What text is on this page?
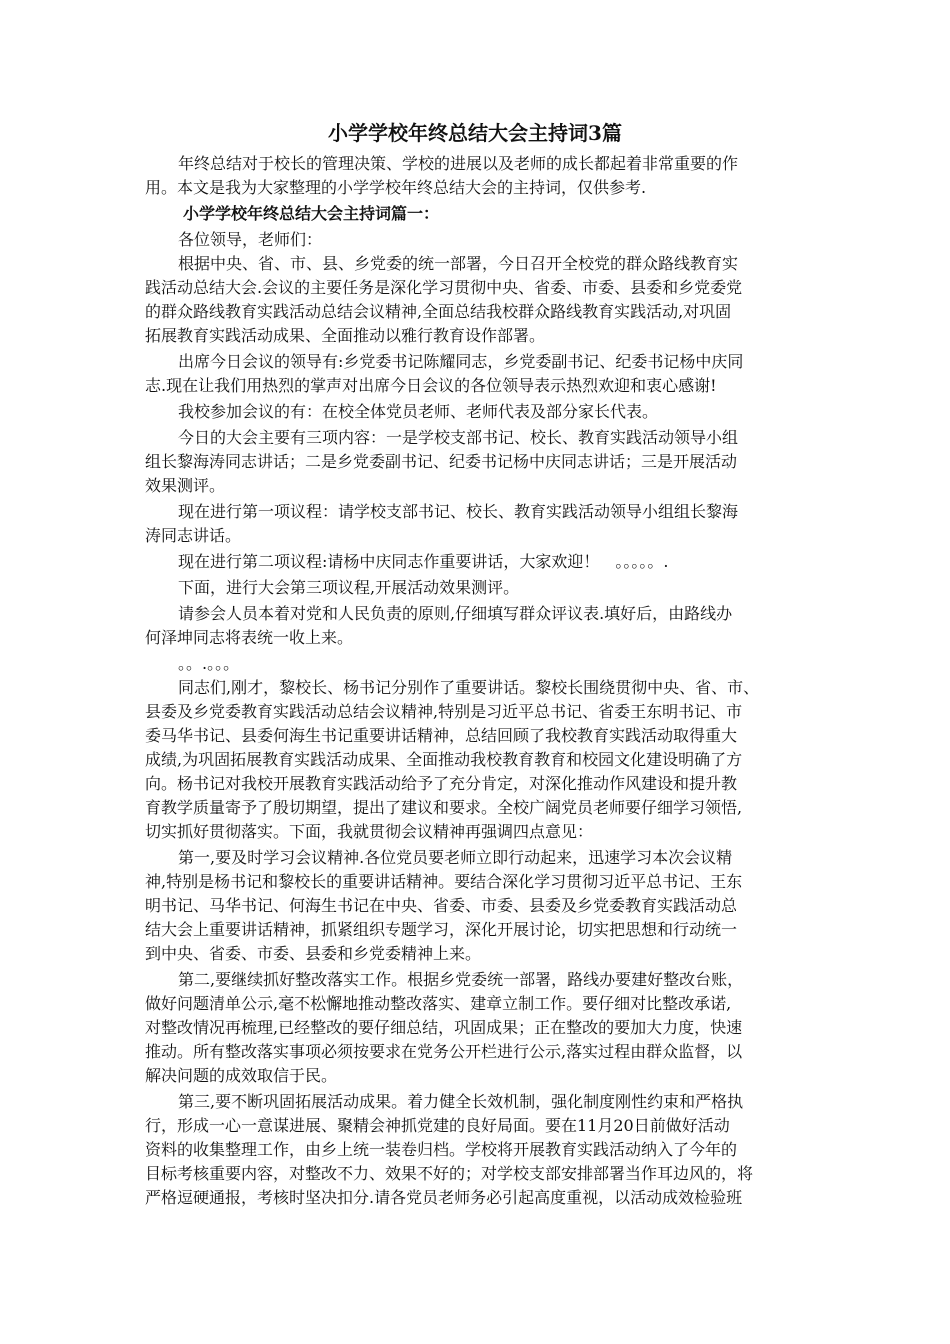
小学学校年终总结大会主持词3篇

年终总结对于校长的管理决策、学校的进展以及老师的成长都起着非常重要的作

用。本文是我为大家整理的小学学校年终总结大会的主持词，仅供参考.

小学学校年终总结大会主持词篇一：

各位领导，老师们：

根据中央、省、市、县、乡党委的统一部署，今日召开全校党的群众路线教育实

践活动总结大会.会议的主要任务是深化学习贯彻中央、省委、市委、县委和乡党委党

的群众路线教育实践活动总结会议精神,全面总结我校群众路线教育实践活动,对巩固

拓展教育实践活动成果、全面推动以雅行教育设作部署。

出席今日会议的领导有:乡党委书记陈耀同志，乡党委副书记、纪委书记杨中庆同

志.现在让我们用热烈的掌声对出席今日会议的各位领导表示热烈欢迎和衷心感谢!

我校参加会议的有：在校全体党员老师、老师代表及部分家长代表。

今日的大会主要有三项内容：一是学校支部书记、校长、教育实践活动领导小组

组长黎海涛同志讲话；二是乡党委副书记、纪委书记杨中庆同志讲话；三是开展活动

效果测评。

现在进行第一项议程：请学校支部书记、校长、教育实践活动领导小组组长黎海

涛同志讲话。

现在进行第二项议程:请杨中庆同志作重要讲话，大家欢迎！　。。。。。.

下面，进行大会第三项议程,开展活动效果测评。

请参会人员本着对党和人民负责的原则,仔细填写群众评议表.填好后，由路线办

何泽坤同志将表统一收上来。

。。.。。。

同志们,刚才，黎校长、杨书记分别作了重要讲话。黎校长围绕贯彻中央、省、市、

县委及乡党委教育实践活动总结会议精神,特别是习近平总书记、省委王东明书记、市

委马华书记、县委何海生书记重要讲话精神，总结回顾了我校教育实践活动取得重大

成绩,为巩固拓展教育实践活动成果、全面推动我校教育教育和校园文化建设明确了方

向。杨书记对我校开展教育实践活动给予了充分肯定，对深化推动作风建设和提升教

育教学质量寄予了殷切期望，提出了建议和要求。全校广阔党员老师要仔细学习领悟,

切实抓好贯彻落实。下面，我就贯彻会议精神再强调四点意见：

第一,要及时学习会议精神.各位党员要老师立即行动起来，迅速学习本次会议精

神,特别是杨书记和黎校长的重要讲话精神。要结合深化学习贯彻习近平总书记、王东

明书记、马华书记、何海生书记在中央、省委、市委、县委及乡党委教育实践活动总

结大会上重要讲话精神，抓紧组织专题学习，深化开展讨论，切实把思想和行动统一

到中央、省委、市委、县委和乡党委精神上来。

第二,要继续抓好整改落实工作。根据乡党委统一部署，路线办要建好整改台账，

做好问题清单公示,毫不松懈地推动整改落实、建章立制工作。要仔细对比整改承诺,

对整改情况再梳理,已经整改的要仔细总结，巩固成果；正在整改的要加大力度，快速

推动。所有整改落实事项必须按要求在党务公开栏进行公示,落实过程由群众监督，以

解决问题的成效取信于民。

第三,要不断巩固拓展活动成果。着力健全长效机制，强化制度刚性约束和严格执

行，形成一心一意谋进展、聚精会神抓党建的良好局面。要在11月20日前做好活动

资料的收集整理工作，由乡上统一装卷归档。学校将开展教育实践活动纳入了今年的

目标考核重要内容，对整改不力、效果不好的；对学校支部安排部署当作耳边风的，将

严格逗硬通报，考核时坚决扣分.请各党员老师务必引起高度重视，以活动成效检验班
